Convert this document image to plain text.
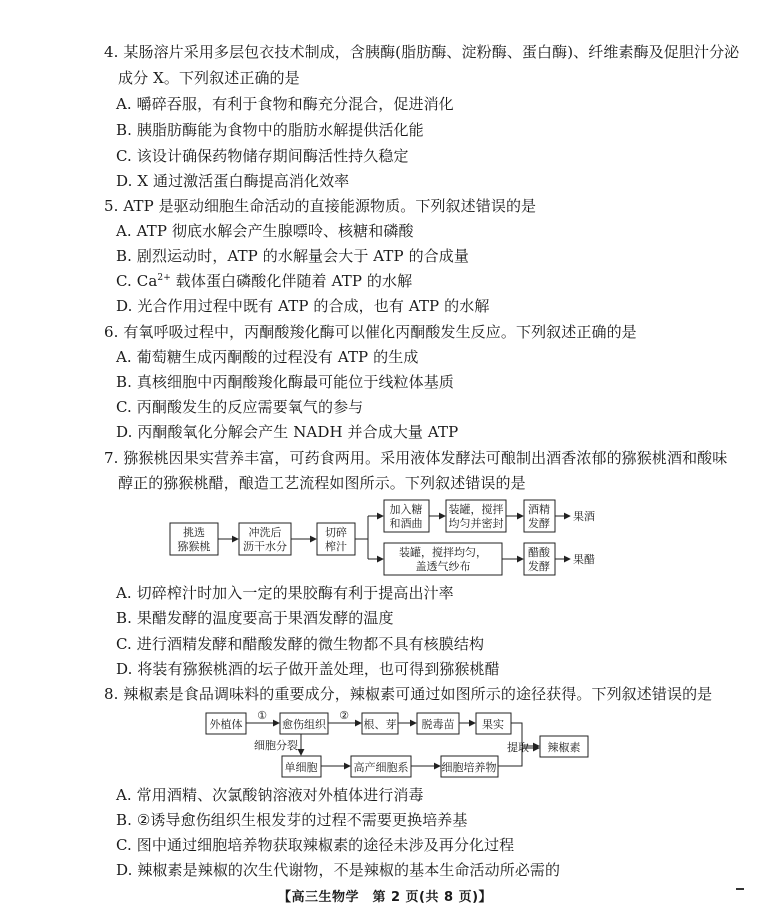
4. 某肠溶片采用多层包衣技术制成，含胰酶(脂肪酶、淀粉酶、蛋白酶)、纤维素酶及促胆汁分泌
成分 X。下列叙述正确的是
A. 嚼碎吞服，有利于食物和酶充分混合，促进消化
B. 胰脂肪酶能为食物中的脂肪水解提供活化能
C. 该设计确保药物储存期间酶活性持久稳定
D. X 通过激活蛋白酶提高消化效率
5. ATP 是驱动细胞生命活动的直接能源物质。下列叙述错误的是
A. ATP 彻底水解会产生腺嘌呤、核糖和磷酸
B. 剧烈运动时，ATP 的水解量会大于 ATP 的合成量
C. $Ca^{2+}$ 载体蛋白磷酸化伴随着 ATP 的水解
D. 光合作用过程中既有 ATP 的合成，也有 ATP 的水解
6. 有氧呼吸过程中，丙酮酸羧化酶可以催化丙酮酸发生反应。下列叙述正确的是
A. 葡萄糖生成丙酮酸的过程没有 ATP 的生成
B. 真核细胞中丙酮酸羧化酶最可能位于线粒体基质
C. 丙酮酸发生的反应需要氧气的参与
D. 丙酮酸氧化分解会产生 NADH 并合成大量 ATP
7. 猕猴桃因果实营养丰富，可药食两用。采用液体发酵法可酿制出酒香浓郁的猕猴桃酒和酸味
醇正的猕猴桃醋，酿造工艺流程如图所示。下列叙述错误的是
挑选
猕猴桃
冲洗后
沥干水分
切碎
榨汁
加入糖
和酒曲
装罐，搅拌
均匀并密封
酒精
发酵
装罐，搅拌均匀，
盖透气纱布
醋酸
发酵
果酒
果醋
A. 切碎榨汁时加入一定的果胶酶有利于提高出汁率
B. 果醋发酵的温度要高于果酒发酵的温度
C. 进行酒精发酵和醋酸发酵的微生物都不具有核膜结构
D. 将装有猕猴桃酒的坛子做开盖处理，也可得到猕猴桃醋
8. 辣椒素是食品调味料的重要成分，辣椒素可通过如图所示的途径获得。下列叙述错误的是
外植体
①
愈伤组织
②
根、芽 脱毒苗	果实
提取 辣椒素
细胞分裂
单细胞	高产细胞系	细胞培养物
A. 常用酒精、次氯酸钠溶液对外植体进行消毒
B. ②诱导愈伤组织生根发芽的过程不需要更换培养基
C. 图中通过细胞培养物获取辣椒素的途径未涉及再分化过程
D. 辣椒素是辣椒的次生代谢物，不是辣椒的基本生命活动所必需的
【高三生物学　第 2 页(共 8 页)】
